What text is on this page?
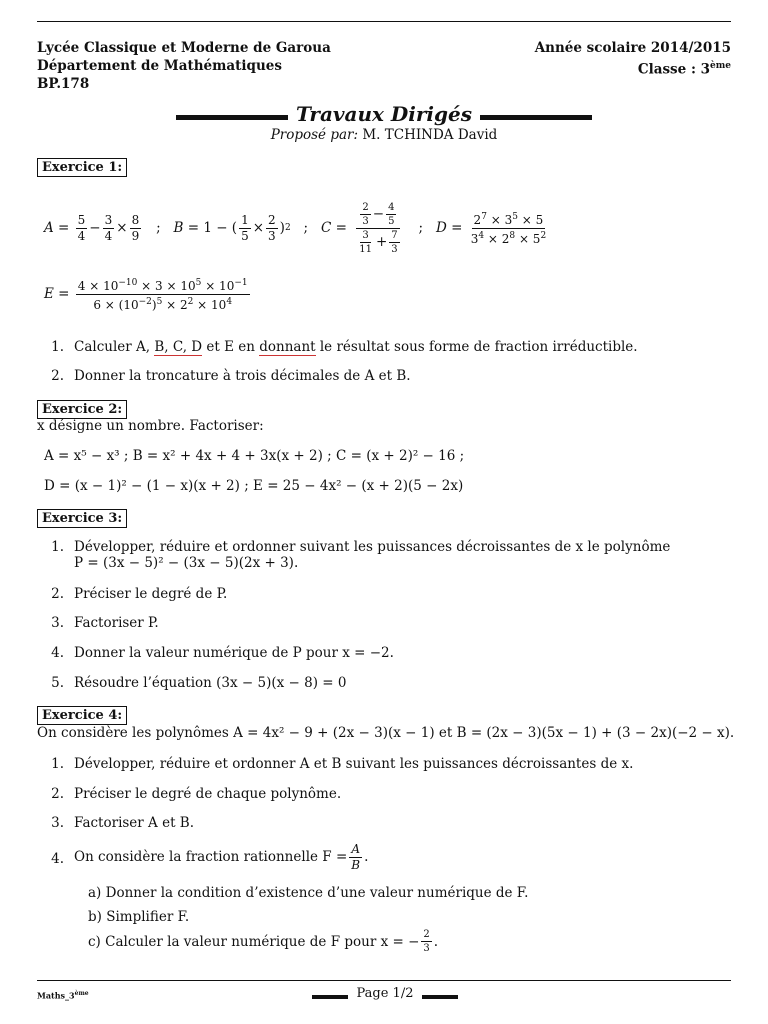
Lycée Classique et Moderne de Garoua
Département de Mathématiques
BP.178
Année scolaire 2014/2015
Classe : 3ème
Travaux Dirigés
Proposé par: M. TCHINDA David
Exercice 1:
$A = \frac{5}{4} - \frac{3}{4} \times \frac{8}{9}$ ; B = 1 − ( $\frac{1}{5} \times \frac{2}{3}$ ) 2 ; $C = \frac{\frac{2}{3} - \frac{4}{5}}{\frac{3}{11} + \frac{7}{3}}$ ; $D = \frac{2^7 \times 3^5 \times 5}{3^4 \times 2^8 \times 5^2}$
$E = \frac{4 \times 10^{-10} \times 3 \times 10^5 \times 10^{-1}}{6 \times (10^{-2})^5 \times 2^2 \times 10^4}$
1. Calculer A, B, C, D et E en donnant le résultat sous forme de fraction irréductible.
2. Donner la troncature à trois décimales de A et B.
Exercice 2:
x désigne un nombre. Factoriser:
A = x⁵ − x³ ; B = x² + 4x + 4 + 3x(x + 2) ; C = (x + 2)² − 16 ;
D = (x − 1)² − (1 − x)(x + 2) ; E = 25 − 4x² − (x + 2)(5 − 2x)
Exercice 3:
1. Développer, réduire et ordonner suivant les puissances décroissantes de x le polynôme
P = (3x − 5)² − (3x − 5)(2x + 3).
2. Préciser le degré de P.
3. Factoriser P.
4. Donner la valeur numérique de P pour x = −2.
5. Résoudre l’équation (3x − 5)(x − 8) = 0
Exercice 4:
On considère les polynômes A = 4x² − 9 + (2x − 3)(x − 1) et B = (2x − 3)(5x − 1) + (3 − 2x)(−2 − x).
1. Développer, réduire et ordonner A et B suivant les puissances décroissantes de x.
2. Préciser le degré de chaque polynôme.
3. Factoriser A et B.
4. On considère la fraction rationnelle $F = \frac{A}{B}$ .
a) Donner la condition d’existence d’une valeur numérique de F.
b) Simplifier F.
c)
Calculer la valeur numérique de F pour x = − $\frac{2}{3}$ .
Maths_3ème	Page 1/2
